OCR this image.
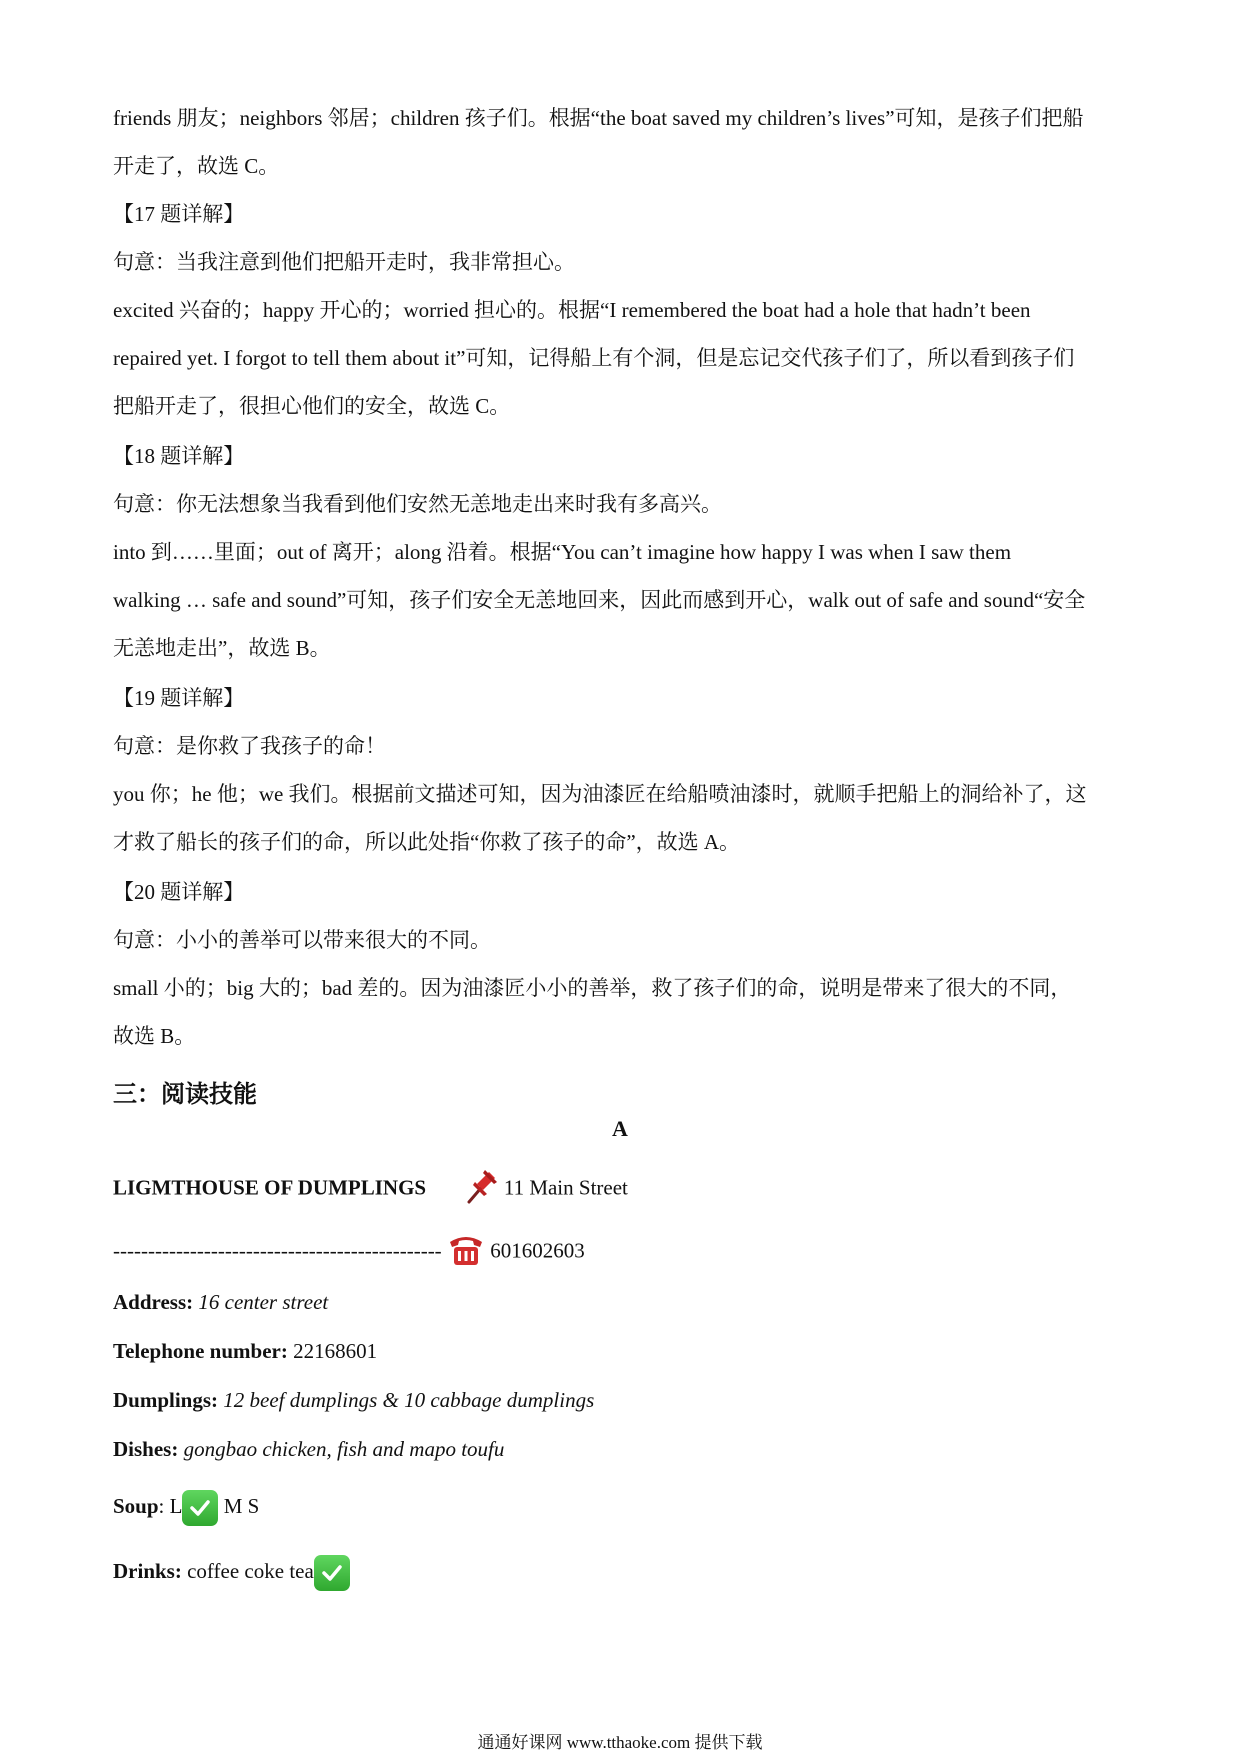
friends 朋友；neighbors 邻居；children 孩子们。根据“the boat saved my children’s lives”可知，是孩子们把船
开走了，故选 C。
【17 题详解】
句意：当我注意到他们把船开走时，我非常担心。
excited 兴奋的；happy 开心的；worried 担心的。根据“I remembered the boat had a hole that hadn’t been
repaired yet. I forgot to tell them about it”可知，记得船上有个洞，但是忘记交代孩子们了，所以看到孩子们
把船开走了，很担心他们的安全，故选 C。
【18 题详解】
句意：你无法想象当我看到他们安然无恙地走出来时我有多高兴。
into 到……里面；out of 离开；along 沿着。根据“You can’t imagine how happy I was when I saw them
walking … safe and sound”可知，孩子们安全无恙地回来，因此而感到开心，walk out of safe and sound“安全
无恙地走出”，故选 B。
【19 题详解】
句意：是你救了我孩子的命！
you 你；he 他；we 我们。根据前文描述可知，因为油漆匠在给船喷油漆时，就顺手把船上的洞给补了，这
才救了船长的孩子们的命，所以此处指“你救了孩子的命”，故选 A。
【20 题详解】
句意：小小的善举可以带来很大的不同。
small 小的；big 大的；bad 差的。因为油漆匠小小的善举，救了孩子们的命，说明是带来了很大的不同，
故选 B。
三：阅读技能
A
LIGMTHOUSE OF DUMPLINGS	11 Main Street
----------------------------------------------- 601602603
Address: 16 center street
Telephone number: 22168601
Dumplings: 12 beef dumplings & 10 cabbage dumplings
Dishes: gongbao chicken, fish and mapo toufu
Soup: L M S
Drinks: coffee coke tea
通通好课网 www.tthaoke.com 提供下载
